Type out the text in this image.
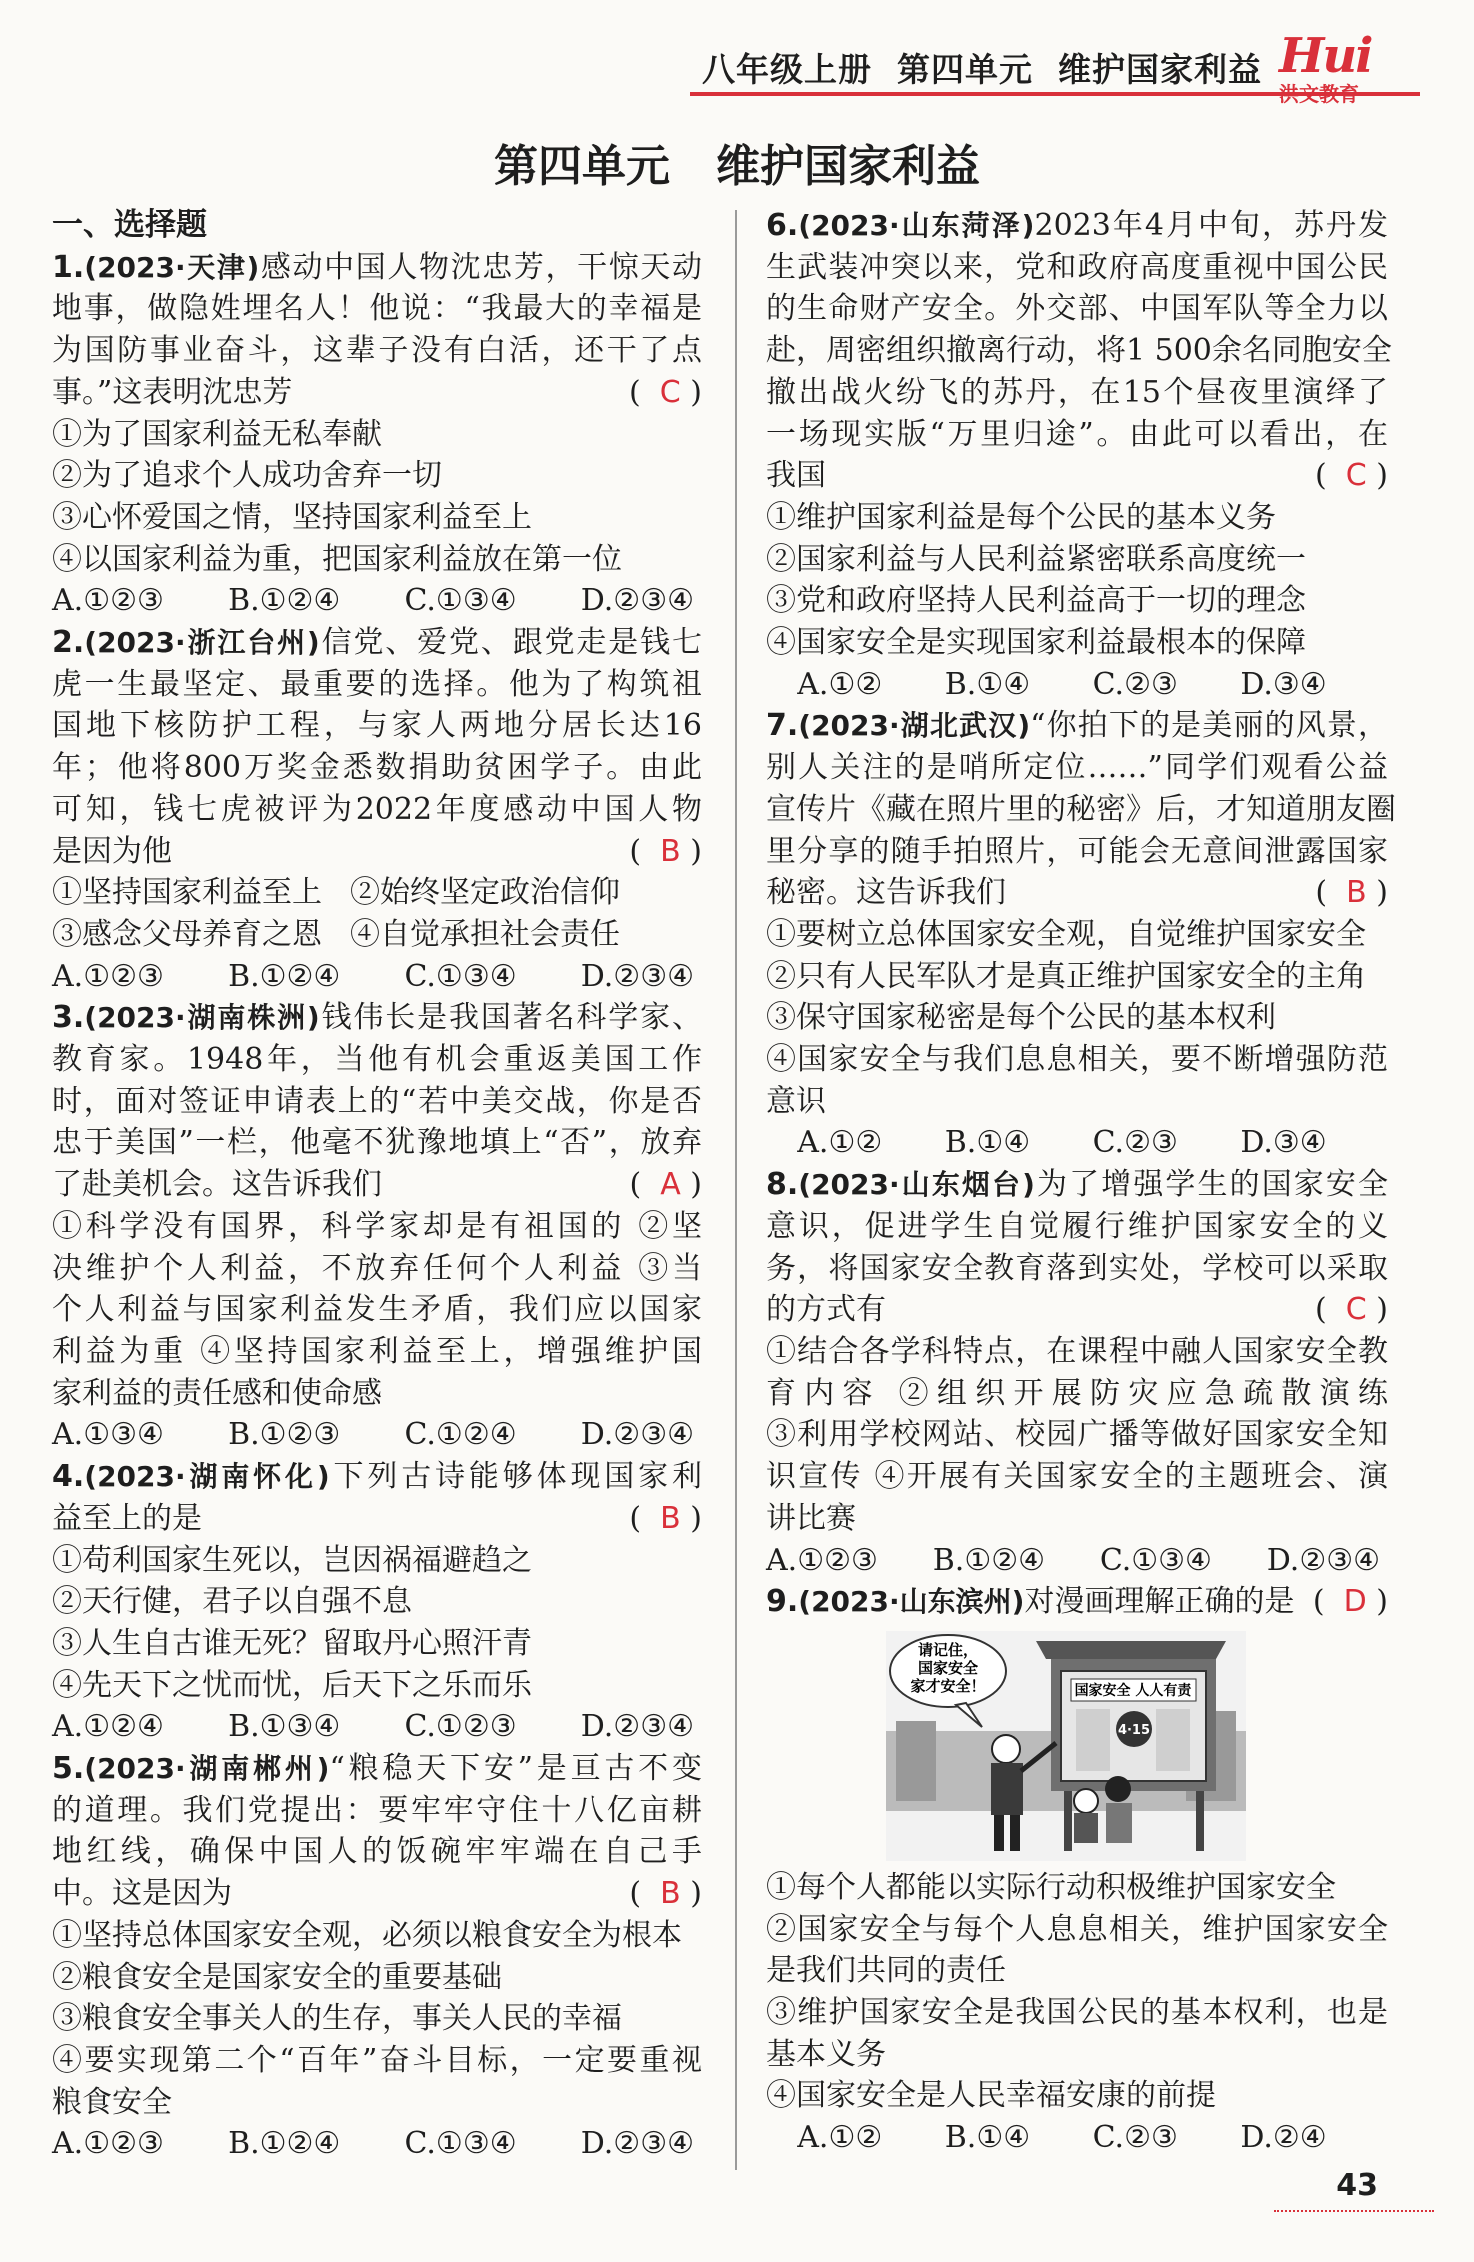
八年级上册  第四单元  维护国家利益 Hui
洪文教育
第四单元   维护国家利益
一、选择题
1.(2023·天津)感动中国人物沈忠芳，干惊天动
地事，做隐姓埋名人！他说：“我最大的幸福是
为国防事业奋斗，这辈子没有白活，还干了点
事。”这表明沈忠芳	(  C )
①为了国家利益无私奉献
②为了追求个人成功舍弃一切
③心怀爱国之情，坚持国家利益至上
④以国家利益为重，把国家利益放在第一位
A.①②③ B.①②④ C.①③④ D.②③④
2.(2023·浙江台州)信党、爱党、跟党走是钱七
虎一生最坚定、最重要的选择。他为了构筑祖
国地下核防护工程，与家人两地分居长达16
年；他将800万奖金悉数捐助贫困学子。由此
可知，钱七虎被评为2022年度感动中国人物
是因为他	(  B )
①坚持国家利益至上 ②始终坚定政治信仰
③感念父母养育之恩 ④自觉承担社会责任
A.①②③ B.①②④ C.①③④ D.②③④
3.(2023·湖南株洲)钱伟长是我国著名科学家、
教育家。1948年，当他有机会重返美国工作
时，面对签证申请表上的“若中美交战，你是否
忠于美国”一栏，他毫不犹豫地填上“否”，放弃
了赴美机会。这告诉我们	(  A )
①科学没有国界，科学家却是有祖国的 ②坚
决维护个人利益，不放弃任何个人利益 ③当
个人利益与国家利益发生矛盾，我们应以国家
利益为重 ④坚持国家利益至上，增强维护国
家利益的责任感和使命感
A.①③④ B.①②③ C.①②④ D.②③④
4.(2023·湖南怀化)下列古诗能够体现国家利
益至上的是	(  B )
①苟利国家生死以，岂因祸福避趋之
②天行健，君子以自强不息
③人生自古谁无死？留取丹心照汗青
④先天下之忧而忧，后天下之乐而乐
A.①②④ B.①③④ C.①②③ D.②③④
5.(2023·湖南郴州)“粮稳天下安”是亘古不变
的道理。我们党提出：要牢牢守住十八亿亩耕
地红线，确保中国人的饭碗牢牢端在自己手
中。这是因为	(  B )
①坚持总体国家安全观，必须以粮食安全为根本
②粮食安全是国家安全的重要基础
③粮食安全事关人的生存，事关人民的幸福
④要实现第二个“百年”奋斗目标，一定要重视
粮食安全
A.①②③ B.①②④ C.①③④ D.②③④
6.(2023·山东菏泽)2023年4月中旬，苏丹发
生武装冲突以来，党和政府高度重视中国公民
的生命财产安全。外交部、中国军队等全力以
赴，周密组织撤离行动，将1 500余名同胞安全
撤出战火纷飞的苏丹，在15个昼夜里演绎了
一场现实版“万里归途”。由此可以看出，在
我国	(  C )
①维护国家利益是每个公民的基本义务
②国家利益与人民利益紧密联系高度统一
③党和政府坚持人民利益高于一切的理念
④国家安全是实现国家利益最根本的保障
A.①② B.①④ C.②③ D.③④
7.(2023·湖北武汉)“你拍下的是美丽的风景，
别人关注的是哨所定位……”同学们观看公益
宣传片《藏在照片里的秘密》后，才知道朋友圈
里分享的随手拍照片，可能会无意间泄露国家
秘密。这告诉我们	(  B )
①要树立总体国家安全观，自觉维护国家安全
②只有人民军队才是真正维护国家安全的主角
③保守国家秘密是每个公民的基本权利
④国家安全与我们息息相关，要不断增强防范
意识
A.①② B.①④ C.②③ D.③④
8.(2023·山东烟台)为了增强学生的国家安全
意识，促进学生自觉履行维护国家安全的义
务，将国家安全教育落到实处，学校可以采取
的方式有	(  C )
①结合各学科特点，在课程中融人国家安全教
育内容 ②组织开展防灾应急疏散演练
③利用学校网站、校园广播等做好国家安全知
识宣传 ④开展有关国家安全的主题班会、演
讲比赛
A.①②③ B.①②④ C.①③④ D.②③④
9.(2023·山东滨州)对漫画理解正确的是 (  D )
请记住，
国家安全
家才安全！	国家安全 人人有责
4·15
①每个人都能以实际行动积极维护国家安全
②国家安全与每个人息息相关，维护国家安全
是我们共同的责任
③维护国家安全是我国公民的基本权利，也是
基本义务
④国家安全是人民幸福安康的前提
A.①② B.①④ C.②③ D.②④
43
